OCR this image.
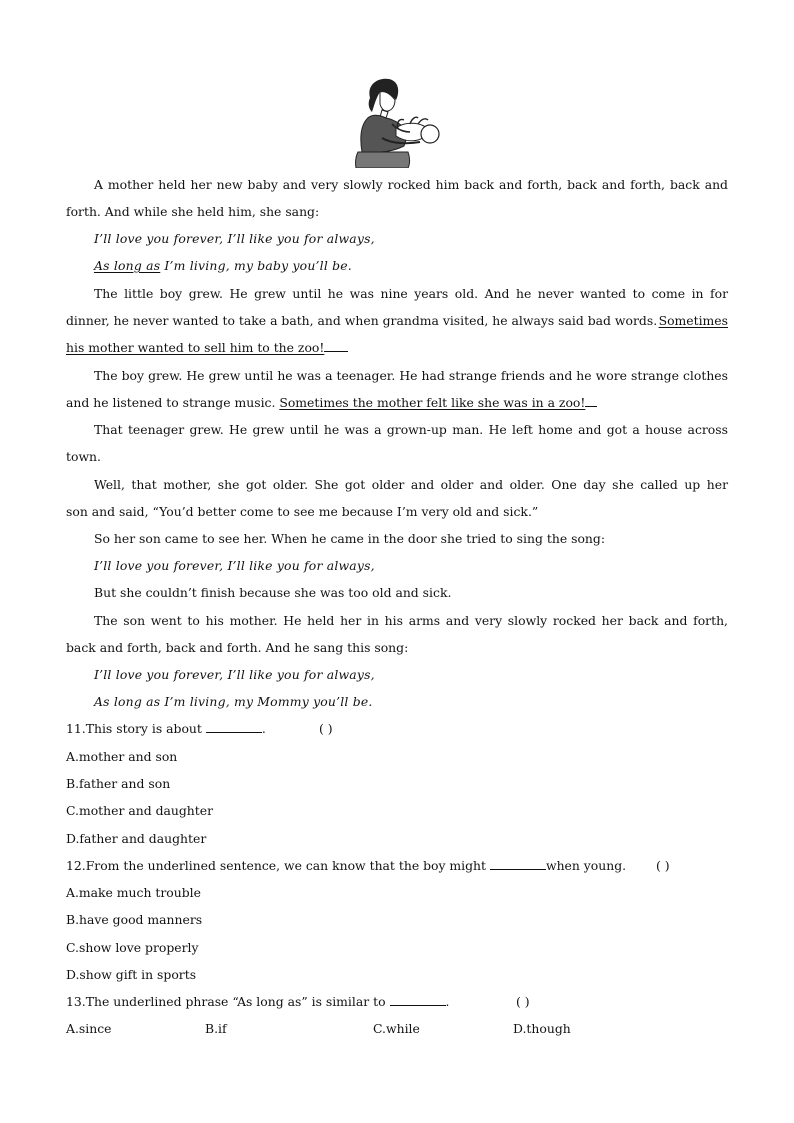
A mother held her new baby and very slowly rocked him back and forth, back and forth, back and
forth. And while she held him, she sang:
I’ll love you forever, I’ll like you for always,
As long as I’m living, my baby you’ll be.
The little boy grew. He grew until he was nine years old. And he never wanted to come in for
dinner, he never wanted to take a bath, and when grandma visited, he always said bad words. Sometimes
his mother wanted to sell him to the zoo!
The boy grew. He grew until he was a teenager. He had strange friends and he wore strange clothes
and he listened to strange music. Sometimes the mother felt like she was in a zoo!
That teenager grew. He grew until he was a grown-up man. He left home and got a house across
town.
Well, that mother, she got older. She got older and older and older. One day she called up her
son and said, “You’d better come to see me because I’m very old and sick.”
So her son came to see her. When he came in the door she tried to sing the song:
I’ll love you forever, I’ll like you for always,
But she couldn’t finish because she was too old and sick.
The son went to his mother. He held her in his arms and very slowly rocked her back and forth,
back and forth, back and forth. And he sang this song:
I’ll love you forever, I’ll like you for always,
As long as I’m living, my Mommy you’ll be.
11.This story is about	.	( )
A.mother and son
B.father and son
C.mother and daughter
D.father and daughter
12.From the underlined sentence, we can know that the boy might	when young. ( )
A.make much trouble
B.have good manners
C.show love properly
D.show gift in sports
13.The underlined phrase “As long as” is similar to	.	( )
A.since	B.if	C.while	D.though
